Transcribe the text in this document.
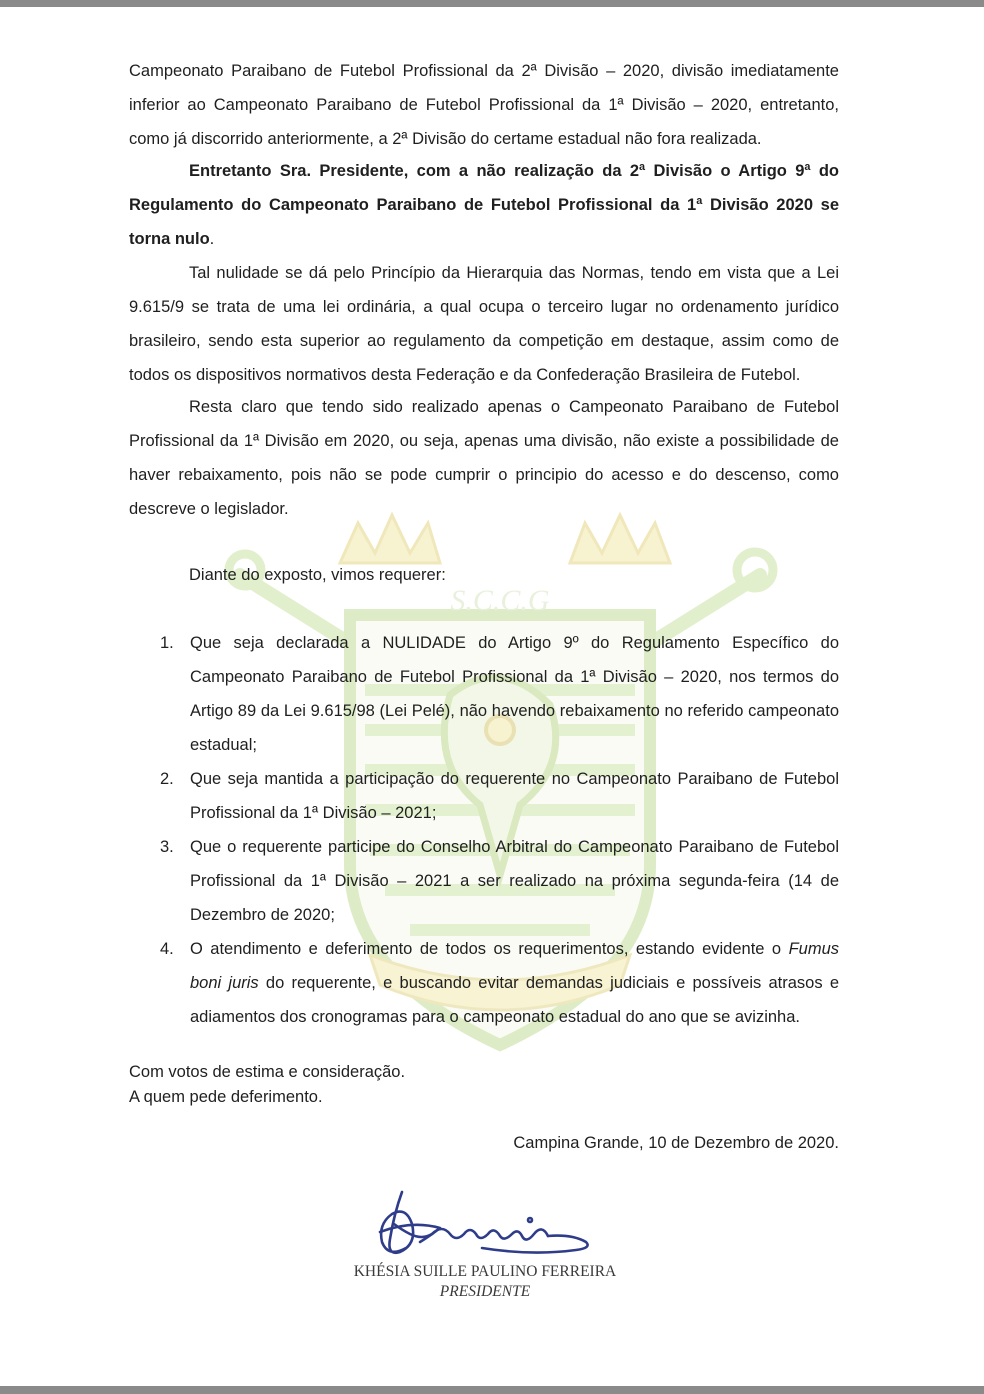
S.C.C.G

Campeonato Paraibano de Futebol Profissional da 2ª Divisão – 2020, divisão imediatamente inferior ao Campeonato Paraibano de Futebol Profissional da 1ª Divisão – 2020, entretanto, como já discorrido anteriormente, a 2ª Divisão do certame estadual não fora realizada.

Entretanto Sra. Presidente, com a não realização da 2ª Divisão o Artigo 9ª do Regulamento do Campeonato Paraibano de Futebol Profissional da 1ª Divisão 2020 se torna nulo.

Tal nulidade se dá pelo Princípio da Hierarquia das Normas, tendo em vista que a Lei 9.615/9 se trata de uma lei ordinária, a qual ocupa o terceiro lugar no ordenamento jurídico brasileiro, sendo esta superior ao regulamento da competição em destaque, assim como de todos os dispositivos normativos desta Federação e da Confederação Brasileira de Futebol.

Resta claro que tendo sido realizado apenas o Campeonato Paraibano de Futebol Profissional da 1ª Divisão em 2020, ou seja, apenas uma divisão, não existe a possibilidade de haver rebaixamento, pois não se pode cumprir o principio do acesso e do descenso, como descreve o legislador.

Diante do exposto, vimos requerer:

1. Que seja declarada a NULIDADE do Artigo 9º do Regulamento Específico do Campeonato Paraibano de Futebol Profissional da 1ª Divisão – 2020, nos termos do Artigo 89 da Lei 9.615/98 (Lei Pelé), não havendo rebaixamento no referido campeonato estadual;
2. Que seja mantida a participação do requerente no Campeonato Paraibano de Futebol Profissional da 1ª Divisão – 2021;
3. Que o requerente participe do Conselho Arbitral do Campeonato Paraibano de Futebol Profissional da 1ª Divisão – 2021 a ser realizado na próxima segunda-feira (14 de Dezembro de 2020;
4. O atendimento e deferimento de todos os requerimentos, estando evidente o Fumus boni juris do requerente, e buscando evitar demandas judiciais e possíveis atrasos e adiamentos dos cronogramas para o campeonato estadual do ano que se avizinha.
Com votos de estima e consideração.
A quem pede deferimento.
Campina Grande, 10 de Dezembro de 2020.
KHÉSIA SUILLE PAULINO FERREIRA
PRESIDENTE
